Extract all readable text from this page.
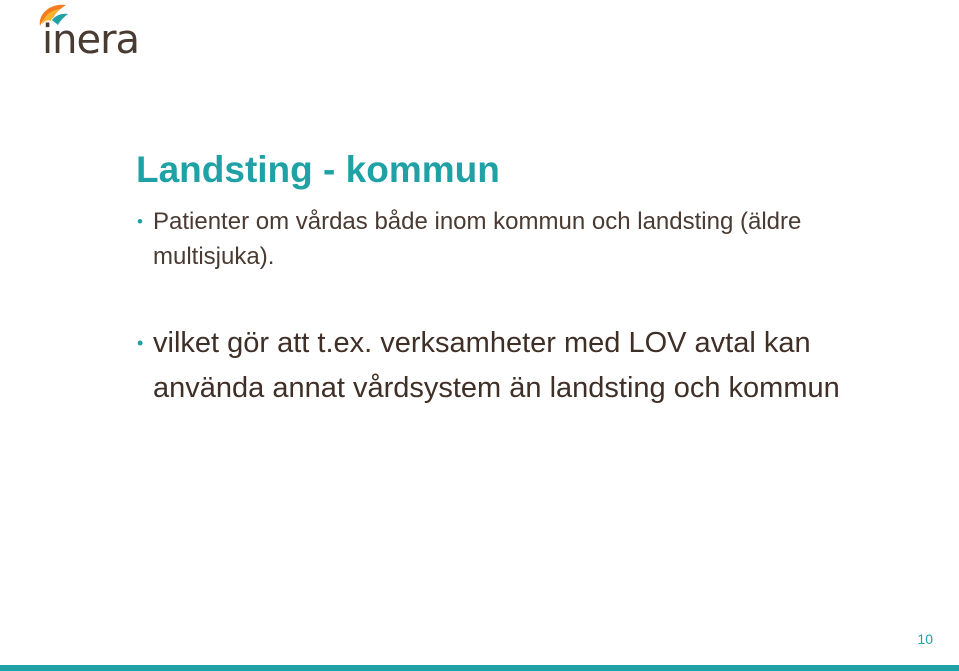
inera
Landsting - kommun
• Patienter om vårdas både inom kommun och landsting (äldre multisjuka).
• vilket gör att t.ex. verksamheter med LOV avtal kan använda annat vårdsystem än landsting och kommun
10
